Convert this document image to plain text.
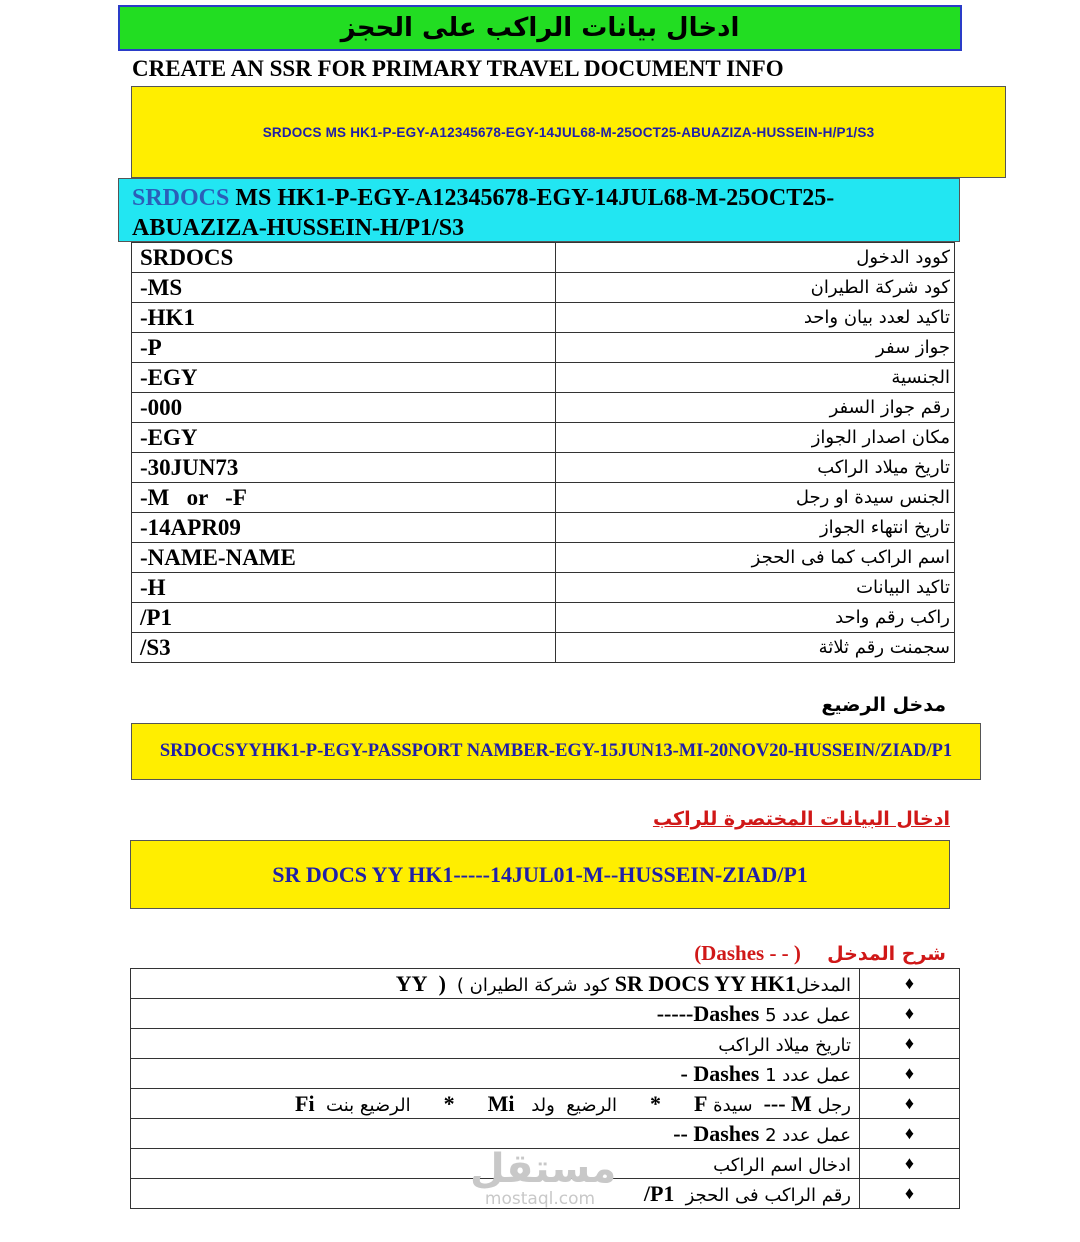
ادخال بيانات الراكب على الحجز
CREATE AN SSR FOR PRIMARY TRAVEL DOCUMENT INFO
SRDOCS MS HK1-P-EGY-A12345678-EGY-14JUL68-M-25OCT25-ABUAZIZA-HUSSEIN-H/P1/S3
SRDOCS MS HK1-P-EGY-A12345678-EGY-14JUL68-M-25OCT25-
ABUAZIZA-HUSSEIN-H/P1/S3
SRDOCS	كوود الدخول
-MS	كود شركة الطيران
-HK1	تاكيد لعدد بيان واحد
-P	جواز سفر
-EGY	الجنسية
-000	رقم جواز السفر
-EGY	مكان اصدار الجواز
-30JUN73	تاريخ ميلاد الراكب
-M   or   -F	الجنس سيدة او رجل
-14APR09	تاريخ انتهاء الجواز
-NAME-NAME	اسم الراكب كما فى الحجز
-H	تاكيد البيانات
/P1	راكب رقم واحد
/S3	سجمنت رقم ثلاثة
مدخل الرضيع
SRDOCSYYHK1-P-EGY-PASSPORT NAMBER-EGY-15JUN13-MI-20NOV20-HUSSEIN/ZIAD/P1
ادخال البيانات المختصرة للراكب
SR DOCS YY HK1-----14JUL01-M--HUSSEIN-ZIAD/P1
(Dashes - - ) شرح المدخل
المدخلSR DOCS YY HK1 كود شركة الطيران )  (  YY	♦
عمل عدد 5 Dashes-----	♦
تاريخ ميلاد الراكب	♦
عمل عدد 1 Dashes -	♦
رجل M ---  سيدة F      *      الرضيع  ولد   Mi      *      الرضيع بنت  Fi	♦
عمل عدد 2 Dashes --	♦
ادخال اسم الراكب	♦
رقم الراكب فى الحجز  P1/	♦
مستقل
mostaql.com
